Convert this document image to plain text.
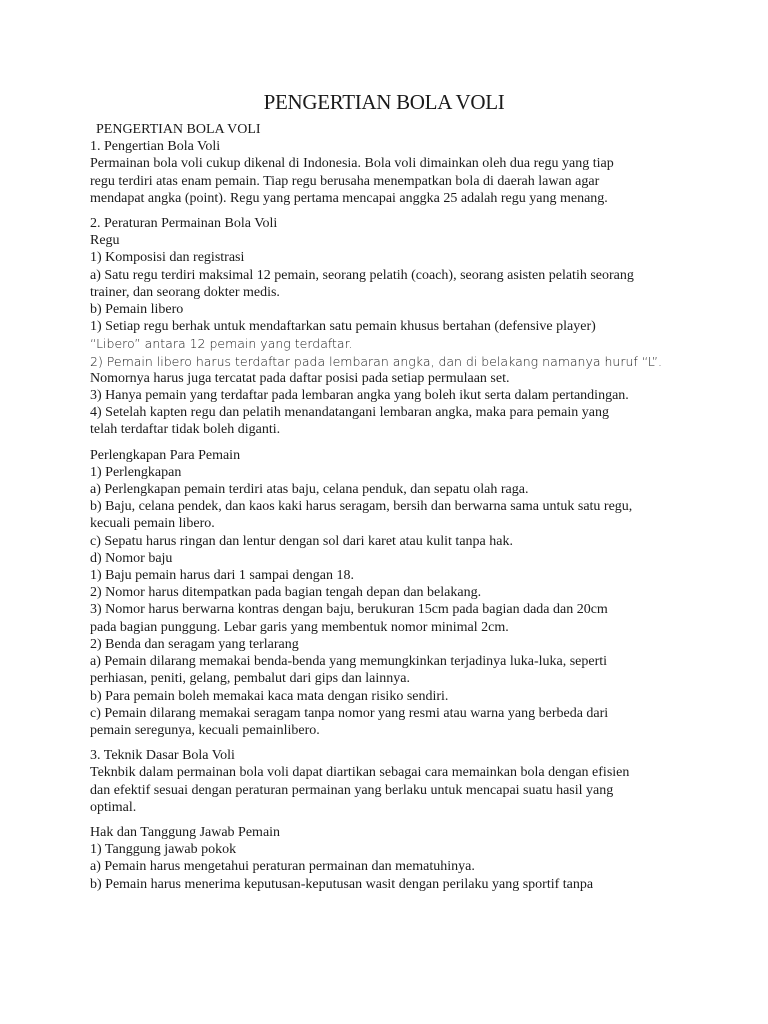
PENGERTIAN BOLA VOLI
PENGERTIAN BOLA VOLI
1. Pengertian Bola Voli
Permainan bola voli cukup dikenal di Indonesia. Bola voli dimainkan oleh dua regu yang tiap
regu terdiri atas enam pemain. Tiap regu berusaha menempatkan bola di daerah lawan agar
mendapat angka (point). Regu yang pertama mencapai anggka 25 adalah regu yang menang.
2. Peraturan Permainan Bola Voli
Regu
1) Komposisi dan registrasi
a) Satu regu terdiri maksimal 12 pemain, seorang pelatih (coach), seorang asisten pelatih seorang
trainer, dan seorang dokter medis.
b) Pemain libero
1) Setiap regu berhak untuk mendaftarkan satu pemain khusus bertahan (defensive player)
“Libero” antara 12 pemain yang terdaftar.
2) Pemain libero harus terdaftar pada lembaran angka, dan di belakang namanya huruf “L”.
Nomornya harus juga tercatat pada daftar posisi pada setiap permulaan set.
3) Hanya pemain yang terdaftar pada lembaran angka yang boleh ikut serta dalam pertandingan.
4) Setelah kapten regu dan pelatih menandatangani lembaran angka, maka para pemain yang
telah terdaftar tidak boleh diganti.
Perlengkapan Para Pemain
1) Perlengkapan
a) Perlengkapan pemain terdiri atas baju, celana penduk, dan sepatu olah raga.
b) Baju, celana pendek, dan kaos kaki harus seragam, bersih dan berwarna sama untuk satu regu,
kecuali pemain libero.
c) Sepatu harus ringan dan lentur dengan sol dari karet atau kulit tanpa hak.
d) Nomor baju
1) Baju pemain harus dari 1 sampai dengan 18.
2) Nomor harus ditempatkan pada bagian tengah depan dan belakang.
3) Nomor harus berwarna kontras dengan baju, berukuran 15cm pada bagian dada dan 20cm
pada bagian punggung. Lebar garis yang membentuk nomor minimal 2cm.
2) Benda dan seragam yang terlarang
a) Pemain dilarang memakai benda-benda yang memungkinkan terjadinya luka-luka, seperti
perhiasan, peniti, gelang, pembalut dari gips dan lainnya.
b) Para pemain boleh memakai kaca mata dengan risiko sendiri.
c) Pemain dilarang memakai seragam tanpa nomor yang resmi atau warna yang berbeda dari
pemain seregunya, kecuali pemainlibero.
3. Teknik Dasar Bola Voli
Teknbik dalam permainan bola voli dapat diartikan sebagai cara memainkan bola dengan efisien
dan efektif sesuai dengan peraturan permainan yang berlaku untuk mencapai suatu hasil yang
optimal.
Hak dan Tanggung Jawab Pemain
1) Tanggung jawab pokok
a) Pemain harus mengetahui peraturan permainan dan mematuhinya.
b) Pemain harus menerima keputusan-keputusan wasit dengan perilaku yang sportif tanpa
